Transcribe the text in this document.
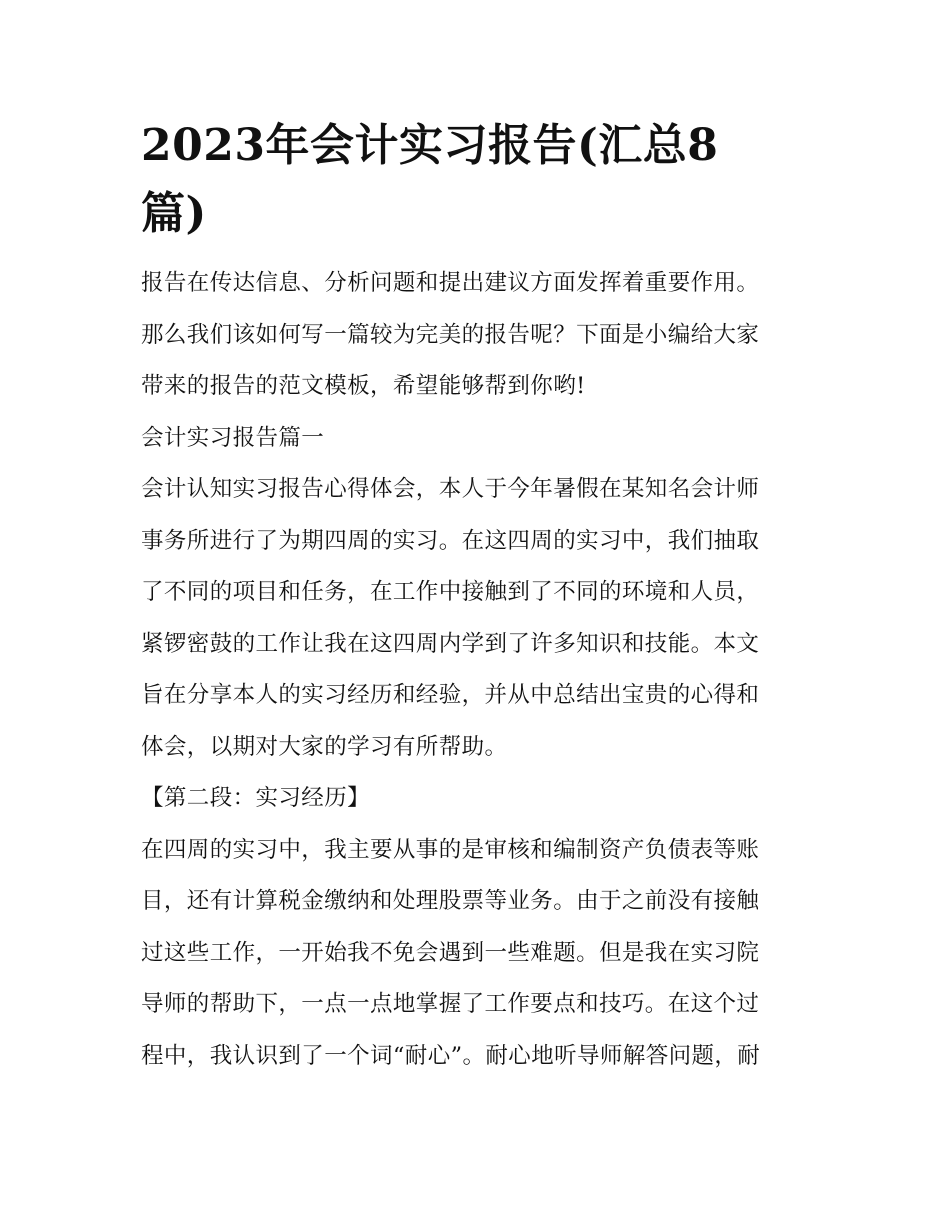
2023年会计实习报告(汇总8
篇)
报告在传达信息、分析问题和提出建议方面发挥着重要作用。
那么我们该如何写一篇较为完美的报告呢？下面是小编给大家
带来的报告的范文模板，希望能够帮到你哟!
会计实习报告篇一
会计认知实习报告心得体会，本人于今年暑假在某知名会计师
事务所进行了为期四周的实习。在这四周的实习中，我们抽取
了不同的项目和任务，在工作中接触到了不同的环境和人员，
紧锣密鼓的工作让我在这四周内学到了许多知识和技能。本文
旨在分享本人的实习经历和经验，并从中总结出宝贵的心得和
体会，以期对大家的学习有所帮助。
【第二段：实习经历】
在四周的实习中，我主要从事的是审核和编制资产负债表等账
目，还有计算税金缴纳和处理股票等业务。由于之前没有接触
过这些工作，一开始我不免会遇到一些难题。但是我在实习院
导师的帮助下，一点一点地掌握了工作要点和技巧。在这个过
程中，我认识到了一个词“耐心”。耐心地听导师解答问题，耐
